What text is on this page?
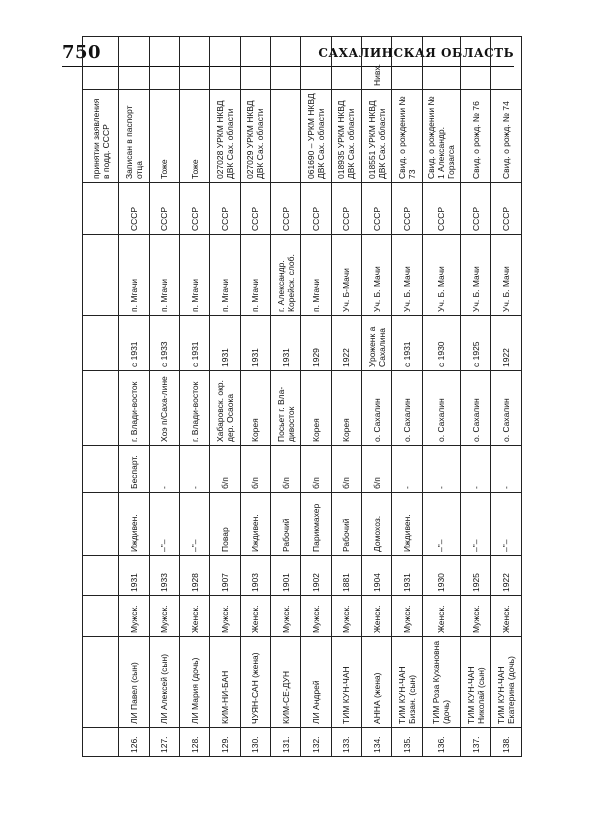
750	САХАЛИНСКАЯ ОБЛАСТЬ
										принятии заявления в подд. СССР	
126.	ЛИ Павел (сын)	Мужск.	1931	Иждивен.	Беспарт.	г. Влади-восток	с 1931	п. Мгачи	СССР	Записан в паспорт отца	
127.	ЛИ Алексей (сын)	Мужск.	1933	–"–	-	Хоэ п/Саха-лине	с 1933	п. Мгачи	СССР	Тоже	
128.	ЛИ Мария (дочь)	Женск.	1928	–"–	-	г. Влади-восток	с 1931	п. Мгачи	СССР	Тоже	
129.	КИМ-НИ-БАН	Мужск.	1907	Повар	б/п	Хабаровск. окр. дер. Осаока	1931	п. Мгачи	СССР	027028 УРКМ НКВД ДВК Сах. области	
130.	ЧУЯН-САН (жена)	Женск.	1903	Иждивен.	б/п	Корея	1931	п. Мгачи	СССР	027029 УРКМ НКВД ДВК Сах. области	
131.	КИМ-СЕ-ДУН	Мужск.	1901	Рабочий	б/п	Посьет г. Вла-дивосток	1931	г. Александр. Корейск. слоб.	СССР		
132.	ЛИ Андрей	Мужск.	1902	Парикмахер	б/п	Корея	1929	п. Мгачи	СССР	061690 – УРКМ НКВД ДВК Сах. области	
133.	ТИМ КУН-ЧАН	Мужск.	1881	Рабочий	б/п	Корея	1922	Уч. Б-Мачи	СССР	018935 УРКМ НКВД ДВК Сах. области	
134.	АННА (жена)	Женск.	1904	Домохоз.	б/п	о. Сахалин	Уроженк а Сахалина	Уч. Б. Мачи	СССР	018551 УРКМ НКВД ДВК Сах. области	Нивх.
135.	ТИМ КУН-ЧАН Бизан. (сын)	Мужск.	1931	Иждивен.	-	о. Сахалин	с 1931	Уч. Б. Мачи	СССР	Свид. о рождении № 73	
136.	ТИМ Роза Кухановна (дочь)	Женск.	1930	–"–	-	о. Сахалин	с 1930	Уч. Б. Мачи	СССР	Свид. о рождении № 1 Александр. Горзагса	
137.	ТИМ КУН-ЧАН Николай (сын)	Мужск.	1925	–"–	-	о. Сахалин	с 1925	Уч. Б. Мачи	СССР	Свид. о рожд. № 76	
138.	ТИМ КУН-ЧАН Екатерина (дочь)	Женск.	1922	–"–	-	о. Сахалин	1922	Уч. Б. Мачи	СССР	Свид. о рожд. № 74	
